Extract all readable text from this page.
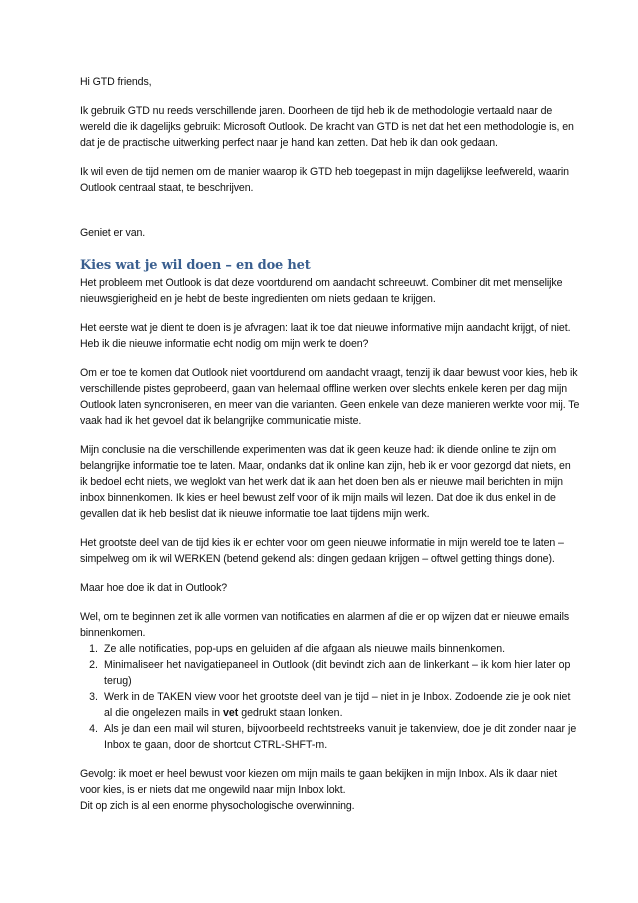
Hi GTD friends,

Ik gebruik GTD nu reeds verschillende jaren. Doorheen de tijd heb ik de methodologie vertaald naar de wereld die ik dagelijks gebruik: Microsoft Outlook. De kracht van GTD is net dat het een methodologie is, en dat je de practische uitwerking perfect naar je hand kan zetten. Dat heb ik dan ook gedaan.

Ik wil even de tijd nemen om de manier waarop ik GTD heb toegepast in mijn dagelijkse leefwereld, waarin Outlook centraal staat, te beschrijven.

Geniet er van.

Kies wat je wil doen – en doe het

Het probleem met Outlook is dat deze voortdurend om aandacht schreeuwt. Combiner dit met menselijke nieuwsgierigheid en je hebt de beste ingredienten om niets gedaan te krijgen.

Het eerste wat je dient te doen is je afvragen: laat ik toe dat nieuwe informative mijn aandacht krijgt, of niet. Heb ik die nieuwe informatie echt nodig om mijn werk te doen?

Om er toe te komen dat Outlook niet voortdurend om aandacht vraagt, tenzij ik daar bewust voor kies, heb ik verschillende pistes geprobeerd, gaan van helemaal offline werken over slechts enkele keren per dag mijn Outlook laten syncroniseren, en meer van die varianten. Geen enkele van deze manieren werkte voor mij. Te vaak had ik het gevoel dat ik belangrijke communicatie miste.

Mijn conclusie na die verschillende experimenten was dat ik geen keuze had: ik diende online te zijn om belangrijke informatie toe te laten. Maar, ondanks dat ik online kan zijn, heb ik er voor gezorgd dat niets, en ik bedoel echt niets, we weglokt van het werk dat ik aan het doen ben als er nieuwe mail berichten in mijn inbox binnenkomen. Ik kies er heel bewust zelf voor of ik mijn mails wil lezen. Dat doe ik dus enkel in de gevallen dat ik heb beslist dat ik nieuwe informatie toe laat tijdens mijn werk.

Het grootste deel van de tijd kies ik er echter voor om geen nieuwe informatie in mijn wereld toe te laten – simpelweg om ik wil WERKEN (betend gekend als: dingen gedaan krijgen – oftwel getting things done).

Maar hoe doe ik dat in Outlook?

Wel, om te beginnen zet ik alle vormen van notificaties en alarmen af die er op wijzen dat er nieuwe emails binnenkomen.

1. Ze alle notificaties, pop-ups en geluiden af die afgaan als nieuwe mails binnenkomen.
2. Minimaliseer het navigatiepaneel in Outlook (dit bevindt zich aan de linkerkant – ik kom hier later op terug)
3. Werk in de TAKEN view voor het grootste deel van je tijd – niet in je Inbox. Zodoende zie je ook niet al die ongelezen mails in vet gedrukt staan lonken.
4. Als je dan een mail wil sturen, bijvoorbeeld rechtstreeks vanuit je takenview, doe je dit zonder naar je Inbox te gaan, door de shortcut CTRL-SHFT-m.

Gevolg: ik moet er heel bewust voor kiezen om mijn mails te gaan bekijken in mijn Inbox. Als ik daar niet voor kies, is er niets dat me ongewild naar mijn Inbox lokt.

Dit op zich is al een enorme physochologische overwinning.
